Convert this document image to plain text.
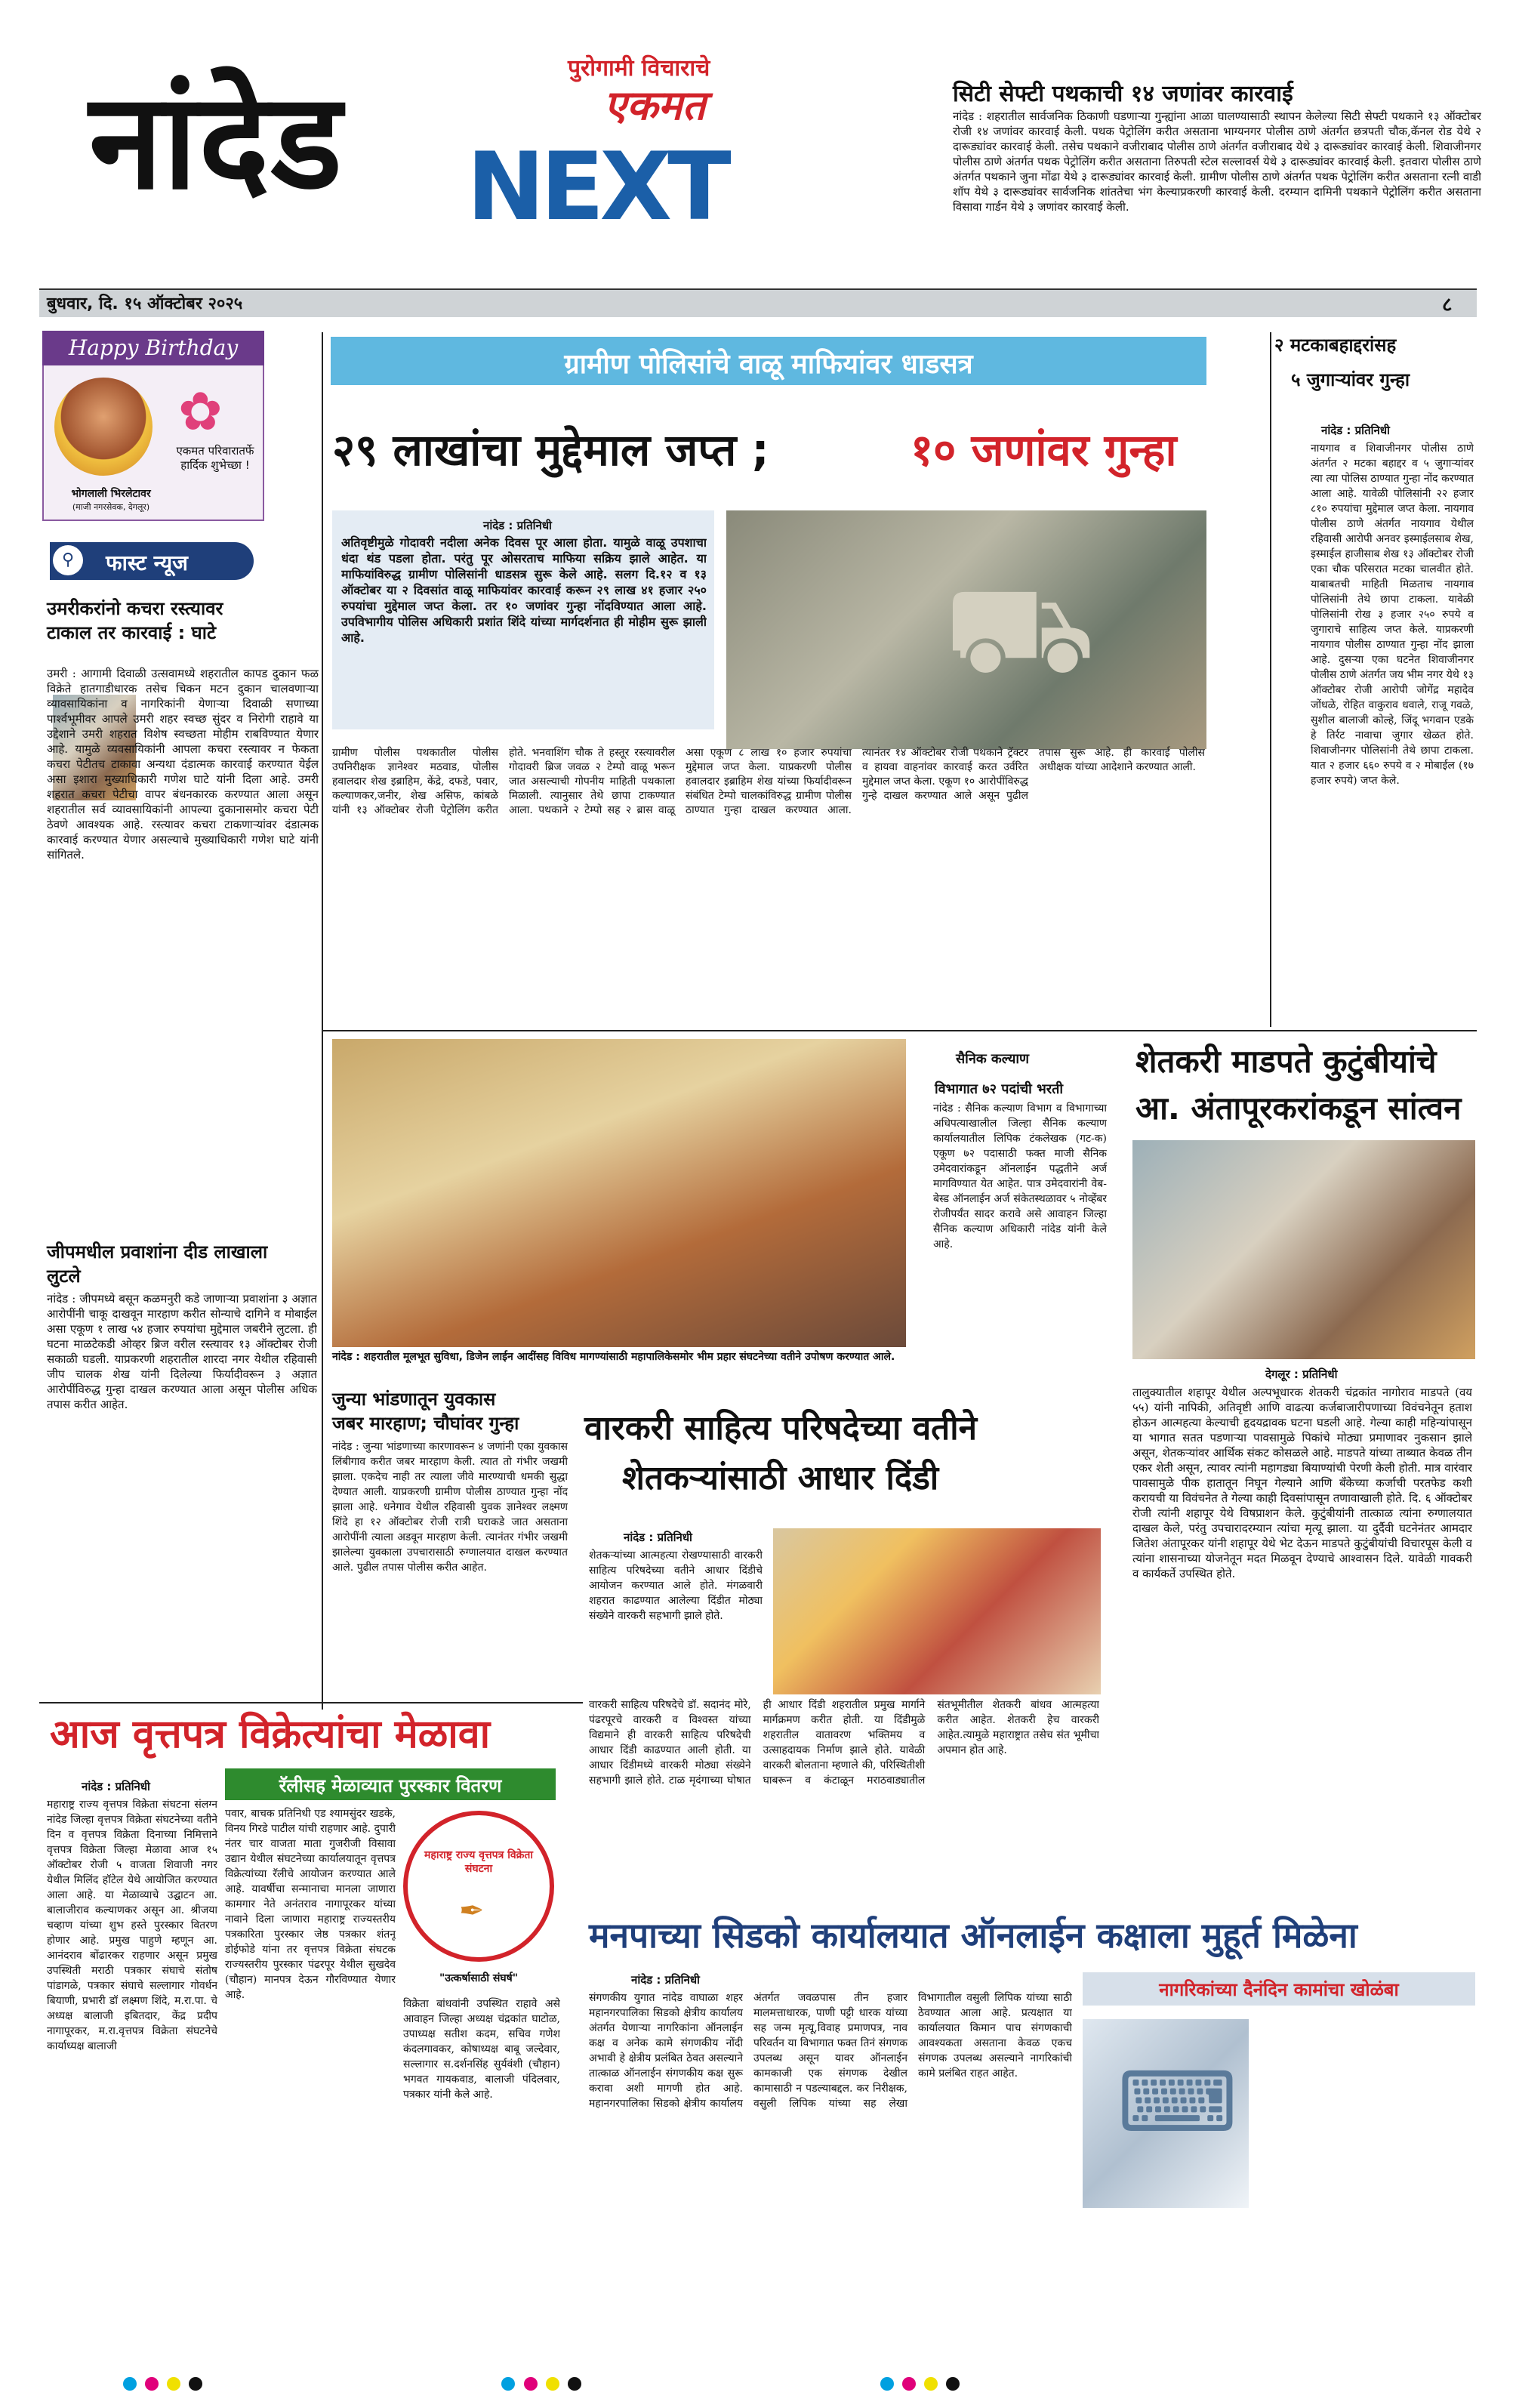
नांदेड	पुरोगामी विचाराचे
एकमत
NEXT
सिटी सेफ्टी पथकाची १४ जणांवर कारवाई
नांदेड : शहरातील सार्वजनिक ठिकाणी घडणाऱ्या गुन्ह्यांना आळा घालण्यासाठी स्थापन केलेल्या सिटी सेफ्टी पथकाने १३ ऑक्टोबर रोजी १४ जणांवर कारवाई केली. पथक पेट्रोलिंग करीत असताना भाग्यनगर पोलीस ठाणे अंतर्गत छत्रपती चौक,कॅनल रोड येथे २ दारूड्यांवर कारवाई केली. तसेच पथकाने वजीराबाद पोलीस ठाणे अंतर्गत वजीराबाद येथे ३ दारूड्यांवर कारवाई केली. शिवाजीनगर पोलीस ठाणे अंतर्गत पथक पेट्रोलिंग करीत असताना तिरुपती स्टेल सल्लावर्स येथे ३ दारूड्यांवर कारवाई केली. इतवारा पोलीस ठाणे अंतर्गत पथकाने जुना मोंढा येथे ३ दारूड्यांवर कारवाई केली. ग्रामीण पोलीस ठाणे अंतर्गत पथक पेट्रोलिंग करीत असताना रत्नी वाडी शॉप येथे ३ दारूड्यांवर सार्वजनिक शांततेचा भंग केल्याप्रकरणी कारवाई केली. दरम्यान दामिनी पथकाने पेट्रोलिंग करीत असताना विसावा गार्डन येथे ३ जणांवर कारवाई केली.
बुधवार, दि. १५ ऑक्टोबर २०२५	८
Happy Birthday
✿
एकमत परिवारातर्फे हार्दिक शुभेच्छा !
भोगलाली भिरलेटावर
(माजी नगरसेवक, देगलूर)
⚲	फास्ट न्यूज
उमरीकरांनो कचरा रस्त्यावर टाकाल तर कारवाई : घाटे
उमरी : आगामी दिवाळी उत्सवामध्ये शहरातील कापड दुकान फळ विक्रेते हातगाडीधारक तसेच चिकन मटन दुकान चालवणाऱ्या व्यावसायिकांना व नागरिकांनी येणाऱ्या दिवाळी सणाच्या पार्श्वभूमीवर आपले उमरी शहर स्वच्छ सुंदर व निरोगी राहावे या उद्देशाने उमरी शहरात विशेष स्वच्छता मोहीम राबविण्यात येणार आहे. यामुळे व्यवसायिकांनी आपला कचरा रस्त्यावर न फेकता कचरा पेटीतच टाकावा अन्यथा दंडात्मक कारवाई करण्यात येईल असा इशारा मुख्याधिकारी गणेश घाटे यांनी दिला आहे. उमरी शहरात कचरा पेटीचा वापर बंधनकारक करण्यात आला असून शहरातील सर्व व्यावसायिकांनी आपल्या दुकानासमोर कचरा पेटी ठेवणे आवश्यक आहे. रस्त्यावर कचरा टाकणाऱ्यांवर दंडात्मक कारवाई करण्यात येणार असल्याचे मुख्याधिकारी गणेश घाटे यांनी सांगितले.
जीपमधील प्रवाशांना दीड लाखाला लुटले
नांदेड : जीपमध्ये बसून कळमनुरी कडे जाणाऱ्या प्रवाशांना ३ अज्ञात आरोपींनी चाकू दाखवून मारहाण करीत सोन्याचे दागिने व मोबाईल असा एकूण १ लाख ५४ हजार रुपयांचा मुद्देमाल जबरीने लुटला. ही घटना माळटेकडी ओव्हर ब्रिज वरील रस्त्यावर १३ ऑक्टोबर रोजी सकाळी घडली. याप्रकरणी शहरातील शारदा नगर येथील रहिवासी जीप चालक शेख यांनी दिलेल्या फिर्यादीवरून ३ अज्ञात आरोपींविरुद्ध गुन्हा दाखल करण्यात आला असून पोलीस अधिक तपास करीत आहेत.
ग्रामीण पोलिसांचे वाळू माफियांवर धाडसत्र
२९ लाखांचा मुद्देमाल जप्त ;	१० जणांवर गुन्हा
नांदेड : प्रतिनिधी
अतिवृष्टीमुळे गोदावरी नदीला अनेक दिवस पूर आला होता. यामुळे वाळू उपशाचा धंदा थंड पडला होता. परंतु पूर ओसरताच माफिया सक्रिय झाले आहेत. या माफियांविरुद्ध ग्रामीण पोलिसांनी धाडसत्र सुरू केले आहे. सलग दि.१२ व १३ ऑक्टोबर या २ दिवसांत वाळू माफियांवर कारवाई करून २९ लाख ४१ हजार २५० रुपयांचा मुद्देमाल जप्त केला. तर १० जणांवर गुन्हा नोंदविण्यात आला आहे. उपविभागीय पोलिस अधिकारी प्रशांत शिंदे यांच्या मार्गदर्शनात ही मोहीम सुरू झाली आहे.	⛟
ग्रामीण पोलीस पथकातील पोलीस उपनिरीक्षक ज्ञानेश्वर मठवाड, पोलीस हवालदार शेख इब्राहिम, केंद्रे, दफडे, पवार, कल्याणकर,जनीर, शेख असिफ, कांबळे यांनी १३ ऑक्टोबर रोजी पेट्रोलिंग करीत होते. भनवाशिंग चौक ते हस्तूर रस्त्यावरील गोदावरी ब्रिज जवळ २ टेम्पो वाळू भरून जात असल्याची गोपनीय माहिती पथकाला मिळाली. त्यानुसार तेथे छापा टाकण्यात आला. पथकाने २ टेम्पो सह २ ब्रास वाळू असा एकूण ८ लाख १० हजार रुपयांचा मुद्देमाल जप्त केला. याप्रकरणी पोलीस हवालदार इब्राहिम शेख यांच्या फिर्यादीवरून संबंधित टेम्पो चालकांविरुद्ध ग्रामीण पोलीस ठाण्यात गुन्हा दाखल करण्यात आला. त्यानंतर १४ ऑक्टोबर रोजी पथकाने ट्रॅक्टर व हायवा वाहनांवर कारवाई करत उर्वरित मुद्देमाल जप्त केला. एकूण १० आरोपींविरुद्ध गुन्हे दाखल करण्यात आले असून पुढील तपास सुरू आहे. ही कारवाई पोलीस अधीक्षक यांच्या आदेशाने करण्यात आली.
२ मटकाबहाद्दरांसह
५ जुगाऱ्यांवर गुन्हा
नांदेड : प्रतिनिधी
नायगाव व शिवाजीनगर पोलीस ठाणे अंतर्गत २ मटका बहाद्दर व ५ जुगाऱ्यांवर त्या त्या पोलिस ठाण्यात गुन्हा नोंद करण्यात आला आहे. यावेळी पोलिसांनी २२ हजार ८१० रुपयांचा मुद्देमाल जप्त केला. नायगाव पोलीस ठाणे अंतर्गत नायगाव येथील रहिवासी आरोपी अनवर इस्माईलसाब शेख, इस्माईल हाजीसाब शेख १३ ऑक्टोबर रोजी एका चौक परिसरात मटका चालवीत होते. याबाबतची माहिती मिळताच नायगाव पोलिसांनी तेथे छापा टाकला. यावेळी पोलिसांनी रोख ३ हजार २५० रुपये व जुगाराचे साहित्य जप्त केले. याप्रकरणी नायगाव पोलीस ठाण्यात गुन्हा नोंद झाला आहे. दुसऱ्या एका घटनेत शिवाजीनगर पोलीस ठाणे अंतर्गत जय भीम नगर येथे १३ ऑक्टोबर रोजी आरोपी जोगेंद्र महादेव जोंधळे, रोहित वाकुराव धवाले, राजू गवळे, सुशील बालाजी कोल्हे, जिंदू भगवान एडके हे तिर्रट नावाचा जुगार खेळत होते. शिवाजीनगर पोलिसांनी तेथे छापा टाकला. यात २ हजार ६६० रुपये व २ मोबाईल (१७ हजार रुपये) जप्त केले.
नांदेड : शहरातील मूलभूत सुविधा, डिजेन लाईन आदींसह विविध मागण्यांसाठी महापालिकेसमोर भीम प्रहार संघटनेच्या वतीने उपोषण करण्यात आले.
सैनिक कल्याण
विभागात ७२ पदांची भरती
नांदेड : सैनिक कल्याण विभाग व विभागाच्या अधिपत्याखालील जिल्हा सैनिक कल्याण कार्यालयातील लिपिक टंकलेखक (गट-क) एकूण ७२ पदासाठी फक्त माजी सैनिक उमेदवारांकडून ऑनलाईन पद्धतीने अर्ज मागविण्यात येत आहेत. पात्र उमेदवारांनी वेब-बेस्ड ऑनलाईन अर्ज संकेतस्थळावर ५ नोव्हेंबर रोजीपर्यंत सादर करावे असे आवाहन जिल्हा सैनिक कल्याण अधिकारी नांदेड यांनी केले आहे.
शेतकरी माडपते कुटुंबीयांचे
आ. अंतापूरकरांकडून सांत्वन
देगलूर : प्रतिनिधी
तालुक्यातील शहापूर येथील अल्पभूधारक शेतकरी चंद्रकांत नागोराव माडपते (वय ५५) यांनी नापिकी, अतिवृष्टी आणि वाढत्या कर्जबाजारीपणाच्या विवंचनेतून हताश होऊन आत्महत्या केल्याची हृदयद्रावक घटना घडली आहे. गेल्या काही महिन्यांपासून या भागात सतत पडणाऱ्या पावसामुळे पिकांचे मोठ्या प्रमाणावर नुकसान झाले असून, शेतकऱ्यांवर आर्थिक संकट कोसळले आहे. माडपते यांच्या ताब्यात केवळ तीन एकर शेती असून, त्यावर त्यांनी महागड्या बियाण्यांची पेरणी केली होती. मात्र वारंवार पावसामुळे पीक हातातून निघून गेल्याने आणि बँकेच्या कर्जाची परतफेड कशी करायची या विवंचनेत ते गेल्या काही दिवसांपासून तणावाखाली होते. दि. ६ ऑक्टोबर रोजी त्यांनी शहापूर येथे विषप्राशन केले. कुटुंबीयांनी तात्काळ त्यांना रुग्णालयात दाखल केले, परंतु उपचारादरम्यान त्यांचा मृत्यू झाला. या दुर्दैवी घटनेनंतर आमदार जितेश अंतापूरकर यांनी शहापूर येथे भेट देऊन माडपते कुटुंबीयांची विचारपूस केली व त्यांना शासनाच्या योजनेतून मदत मिळवून देण्याचे आश्वासन दिले. यावेळी गावकरी व कार्यकर्ते उपस्थित होते.
जुन्या भांडणातून युवकास
जबर मारहाण; चौघांवर गुन्हा
नांदेड : जुन्या भांडणाच्या कारणावरून ४ जणांनी एका युवकास लिंबीगाव करीत जबर मारहाण केली. त्यात तो गंभीर जखमी झाला. एकदेच नाही तर त्याला जीवे मारण्याची धमकी सुद्धा देण्यात आली. याप्रकरणी ग्रामीण पोलीस ठाण्यात गुन्हा नोंद झाला आहे. धनेगाव येथील रहिवासी युवक ज्ञानेश्वर लक्ष्मण शिंदे हा १२ ऑक्टोबर रोजी रात्री घराकडे जात असताना आरोपींनी त्याला अडवून मारहाण केली. त्यानंतर गंभीर जखमी झालेल्या युवकाला उपचारासाठी रुग्णालयात दाखल करण्यात आले. पुढील तपास पोलीस करीत आहेत.
वारकरी साहित्य परिषदेच्या वतीने
शेतकऱ्यांसाठी आधार दिंडी
नांदेड : प्रतिनिधी
शेतकऱ्यांच्या आत्महत्या रोखण्यासाठी वारकरी साहित्य परिषदेच्या वतीने आधार दिंडीचे आयोजन करण्यात आले होते. मंगळवारी शहरात काढण्यात आलेल्या दिंडीत मोठ्या संख्येने वारकरी सहभागी झाले होते.
वारकरी साहित्य परिषदेचे डॉ. सदानंद मोरे, पंढरपूरचे वारकरी व विश्वस्त यांच्या विद्यमाने ही वारकरी साहित्य परिषदेची आधार दिंडी काढण्यात आली होती. या आधार दिंडीमध्ये वारकरी मोठ्या संख्येने सहभागी झाले होते. टाळ मृदंगाच्या घोषात ही आधार दिंडी शहरातील प्रमुख मार्गाने मार्गक्रमण करीत होती. या दिंडीमुळे शहरातील वातावरण भक्तिमय व उत्साहदायक निर्माण झाले होते. यावेळी वारकरी बोलताना म्हणाले की, परिस्थितीशी घाबरून व कंटाळून मराठवाड्यातील संतभूमीतील शेतकरी बांधव आत्महत्या करीत आहेत. शेतकरी हेच वारकरी आहेत.त्यामुळे महाराष्ट्रात तसेच संत भूमीचा अपमान होत आहे.
आज वृत्तपत्र विक्रेत्यांचा मेळावा
रॅलीसह मेळाव्यात पुरस्कार वितरण
नांदेड : प्रतिनिधी
महाराष्ट्र राज्य वृत्तपत्र विक्रेता संघटना संलग्न नांदेड जिल्हा वृत्तपत्र विक्रेता संघटनेच्या वतीने दिन व वृत्तपत्र विक्रेता दिनाच्या निमित्ताने वृत्तपत्र विक्रेता जिल्हा मेळावा आज १५ ऑक्टोबर रोजी ५ वाजता शिवाजी नगर येथील मिलिंद हॉटेल येथे आयोजित करण्यात आला आहे. या मेळाव्याचे उद्घाटन आ. बालाजीराव कल्याणकर असून आ. श्रीजया चव्हाण यांच्या शुभ हस्ते पुरस्कार वितरण होणार आहे. प्रमुख पाहुणे म्हणून आ. आनंदराव बोंढारकर राहणार असून प्रमुख उपस्थिती मराठी पत्रकार संघाचे संतोष पांडागळे, पत्रकार संघाचे सल्लागार गोवर्धन बियाणी, प्रभारी डॉ लक्ष्मण शिंदे, म.रा.पा. चे अध्यक्ष बालाजी इबितदार, केंद्र प्रदीप नागापूरकर, म.रा.वृत्तपत्र विक्रेता संघटनेचे कार्याध्यक्ष बालाजी
पवार, बाचक प्रतिनिधी एड श्यामसुंदर खडके, विनय गिरडे पाटील यांची राहणार आहे. दुपारी नंतर चार वाजता माता गुजरीजी विसावा उद्यान येथील संघटनेच्या कार्यालयातून वृत्तपत्र विक्रेत्यांच्या रॅलीचे आयोजन करण्यात आले आहे. यावर्षीचा सन्मानाचा मानला जाणारा कामगार नेते अनंतराव नागापूरकर यांच्या नावाने दिला जाणारा महाराष्ट्र राज्यस्तरीय पत्रकारिता पुरस्कार जेष्ठ पत्रकार शंतनू डोईफोडे यांना तर वृत्तपत्र विक्रेता संघटक राज्यस्तरीय पुरस्कार पंढरपूर येथील सुखदेव (चौहान) मानपत्र देऊन गौरविण्यात येणार आहे.
महाराष्ट्र राज्य वृत्तपत्र विक्रेता संघटना
✒
"उत्कर्षासाठी संघर्ष"
विक्रेता बांधवांनी उपस्थित राहावे असे आवाहन जिल्हा अध्यक्ष चंद्रकांत घाटोळ, उपाध्यक्ष सतीश कदम, सचिव गणेश कंदलगावकर, कोषाध्यक्ष बाबू जल्देवार, सल्लागार स.दर्शनसिंह सुर्यवंशी (चौहान) भगवत गायकवाड, बालाजी पंदिलवार, पत्रकार यांनी केले आहे.
मनपाच्या सिडको कार्यालयात ऑनलाईन कक्षाला मुहूर्त मिळेना
नागरिकांच्या दैनंदिन कामांचा खोळंबा
नांदेड : प्रतिनिधी
संगणकीय युगात नांदेड वाघाळा शहर महानगरपालिका सिडको क्षेत्रीय कार्यालय अंतर्गत येणाऱ्या नागरिकांना ऑनलाईन कक्ष व अनेक कामे संगणकीय नोंदी अभावी हे क्षेत्रीय प्रलंबित ठेवत असल्याने तात्काळ ऑनलाईन संगणकीय कक्ष सुरू करावा अशी मागणी होत आहे. महानगरपालिका सिडको क्षेत्रीय कार्यालय अंतर्गत जवळपास तीन हजार मालमत्ताधारक, पाणी पट्टी धारक यांच्या सह जन्म मृत्यू,विवाह प्रमाणपत्र, नाव परिवर्तन या विभागात फक्त तिनं संगणक उपलब्ध असून यावर ऑनलाईन कामकाजी एक संगणक देखील कामासाठी न पडल्याबद्दल. कर निरीक्षक, वसुली लिपिक यांच्या सह लेखा विभागातील वसुली लिपिक यांच्या साठी ठेवण्यात आला आहे. प्रत्यक्षात या कार्यालयात किमान पाच संगणकाची आवश्यकता असताना केवळ एकच संगणक उपलब्ध असल्याने नागरिकांची कामे प्रलंबित राहत आहेत.	⌨
